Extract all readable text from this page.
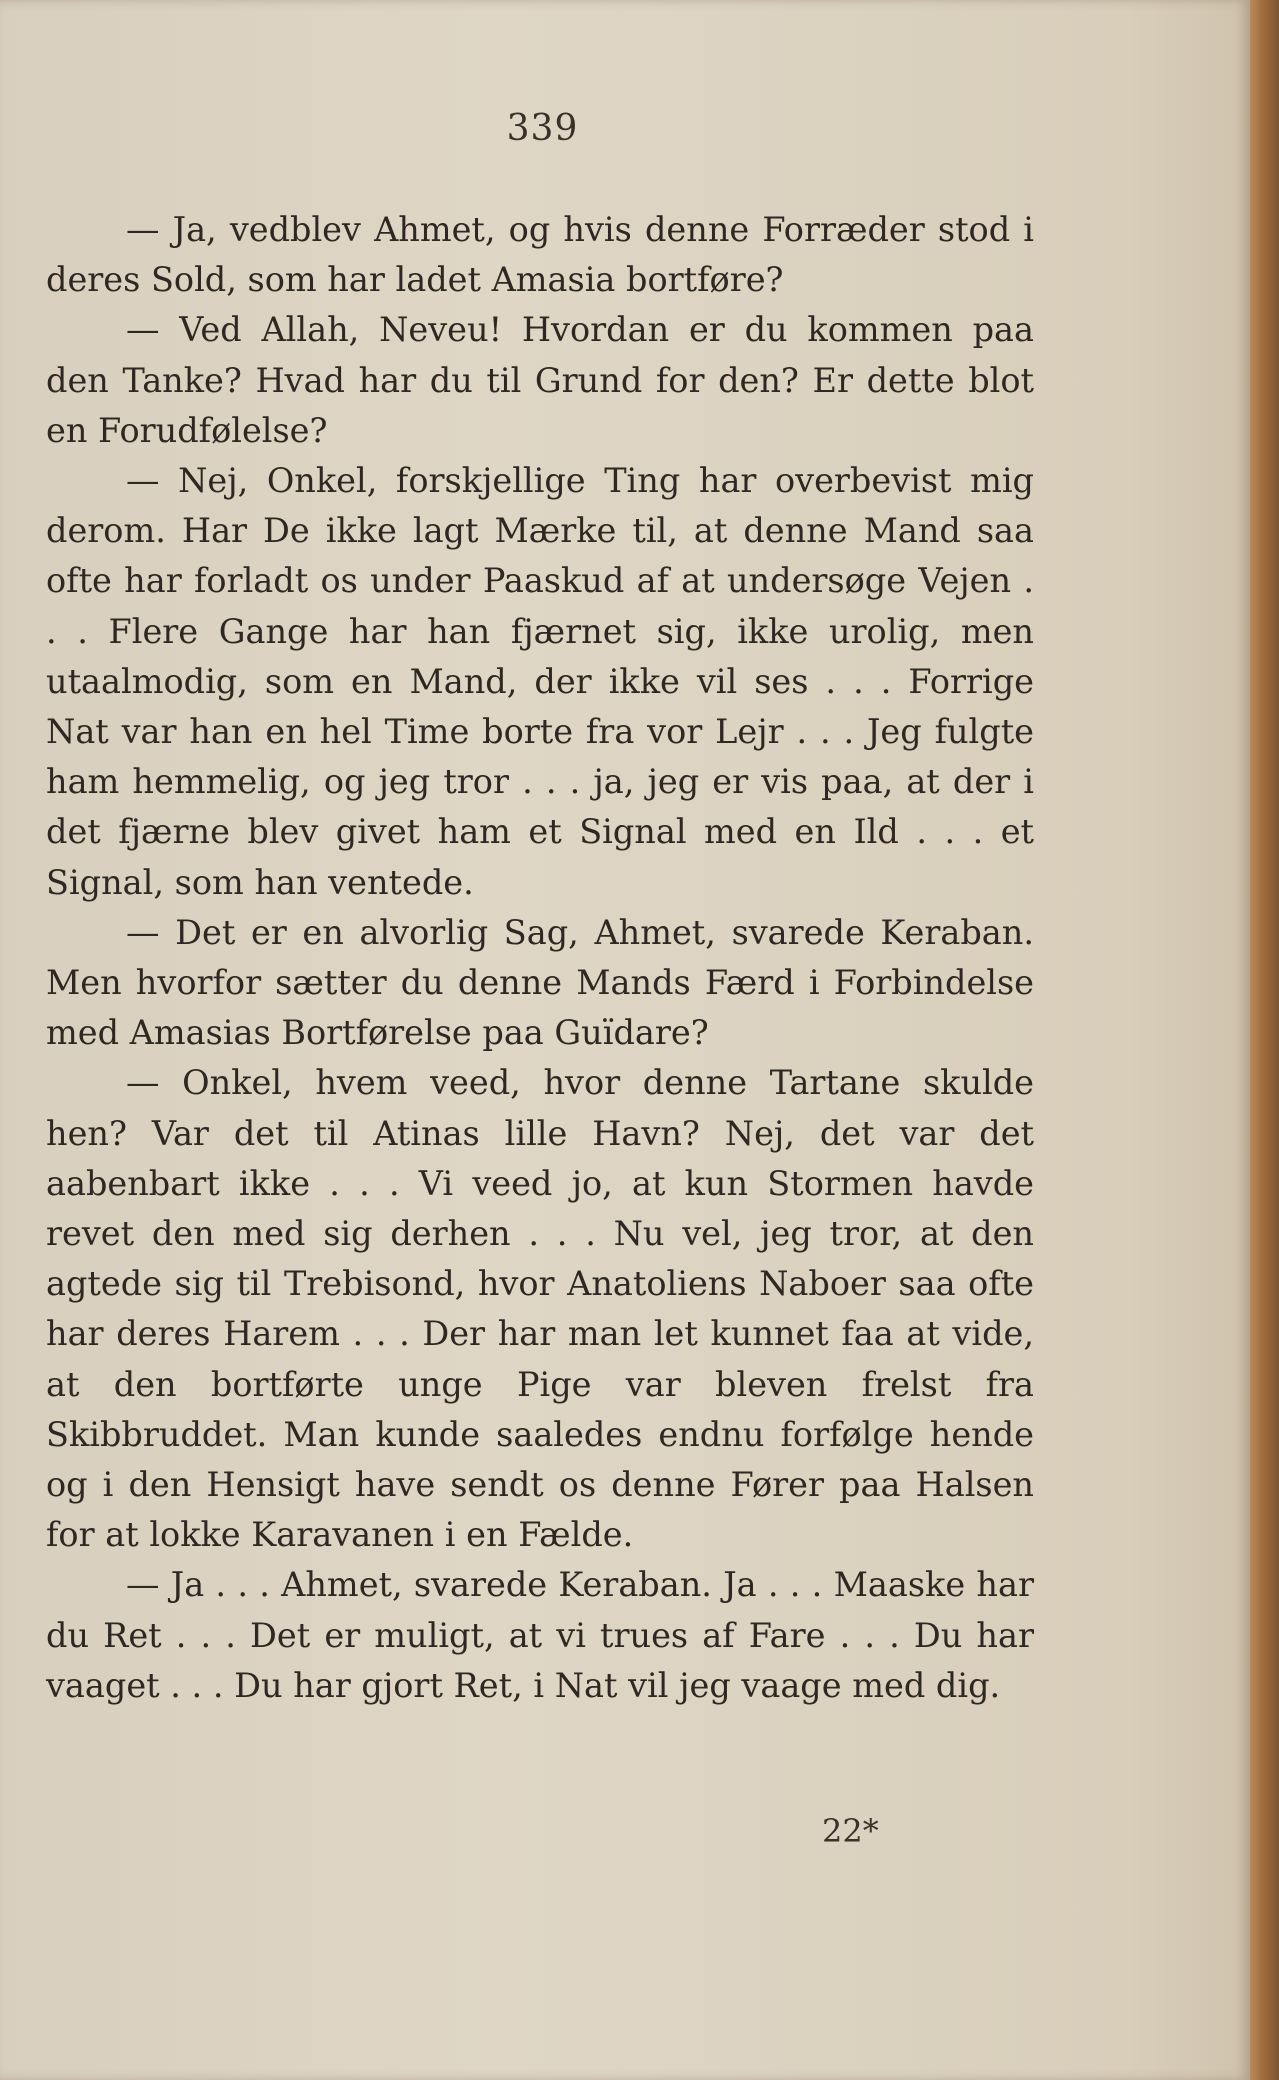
339

— Ja, vedblev Ahmet, og hvis denne Forræder stod i deres Sold, som har ladet Amasia bortføre?

— Ved Allah, Neveu! Hvordan er du kommen paa den Tanke? Hvad har du til Grund for den? Er dette blot en Forudfølelse?

— Nej, Onkel, forskjellige Ting har overbevist mig derom. Har De ikke lagt Mærke til, at denne Mand saa ofte har forladt os under Paaskud af at undersøge Vejen . . . Flere Gange har han fjærnet sig, ikke urolig, men utaalmodig, som en Mand, der ikke vil ses . . . Forrige Nat var han en hel Time borte fra vor Lejr . . . Jeg fulgte ham hemmelig, og jeg tror . . . ja, jeg er vis paa, at der i det fjærne blev givet ham et Signal med en Ild . . . et Signal, som han ventede.

— Det er en alvorlig Sag, Ahmet, svarede Keraban. Men hvorfor sætter du denne Mands Færd i Forbindelse med Amasias Bortførelse paa Guïdare?

— Onkel, hvem veed, hvor denne Tartane skulde hen? Var det til Atinas lille Havn? Nej, det var det aabenbart ikke . . . Vi veed jo, at kun Stormen havde revet den med sig derhen . . . Nu vel, jeg tror, at den agtede sig til Trebisond, hvor Anatoliens Naboer saa ofte har deres Harem . . . Der har man let kunnet faa at vide, at den bortførte unge Pige var bleven frelst fra Skibbruddet. Man kunde saaledes endnu forfølge hende og i den Hensigt have sendt os denne Fører paa Halsen for at lokke Karavanen i en Fælde.

— Ja . . . Ahmet, svarede Keraban. Ja . . . Maaske har du Ret . . . Det er muligt, at vi trues af Fare . . . Du har vaaget . . . Du har gjort Ret, i Nat vil jeg vaage med dig.

22*
